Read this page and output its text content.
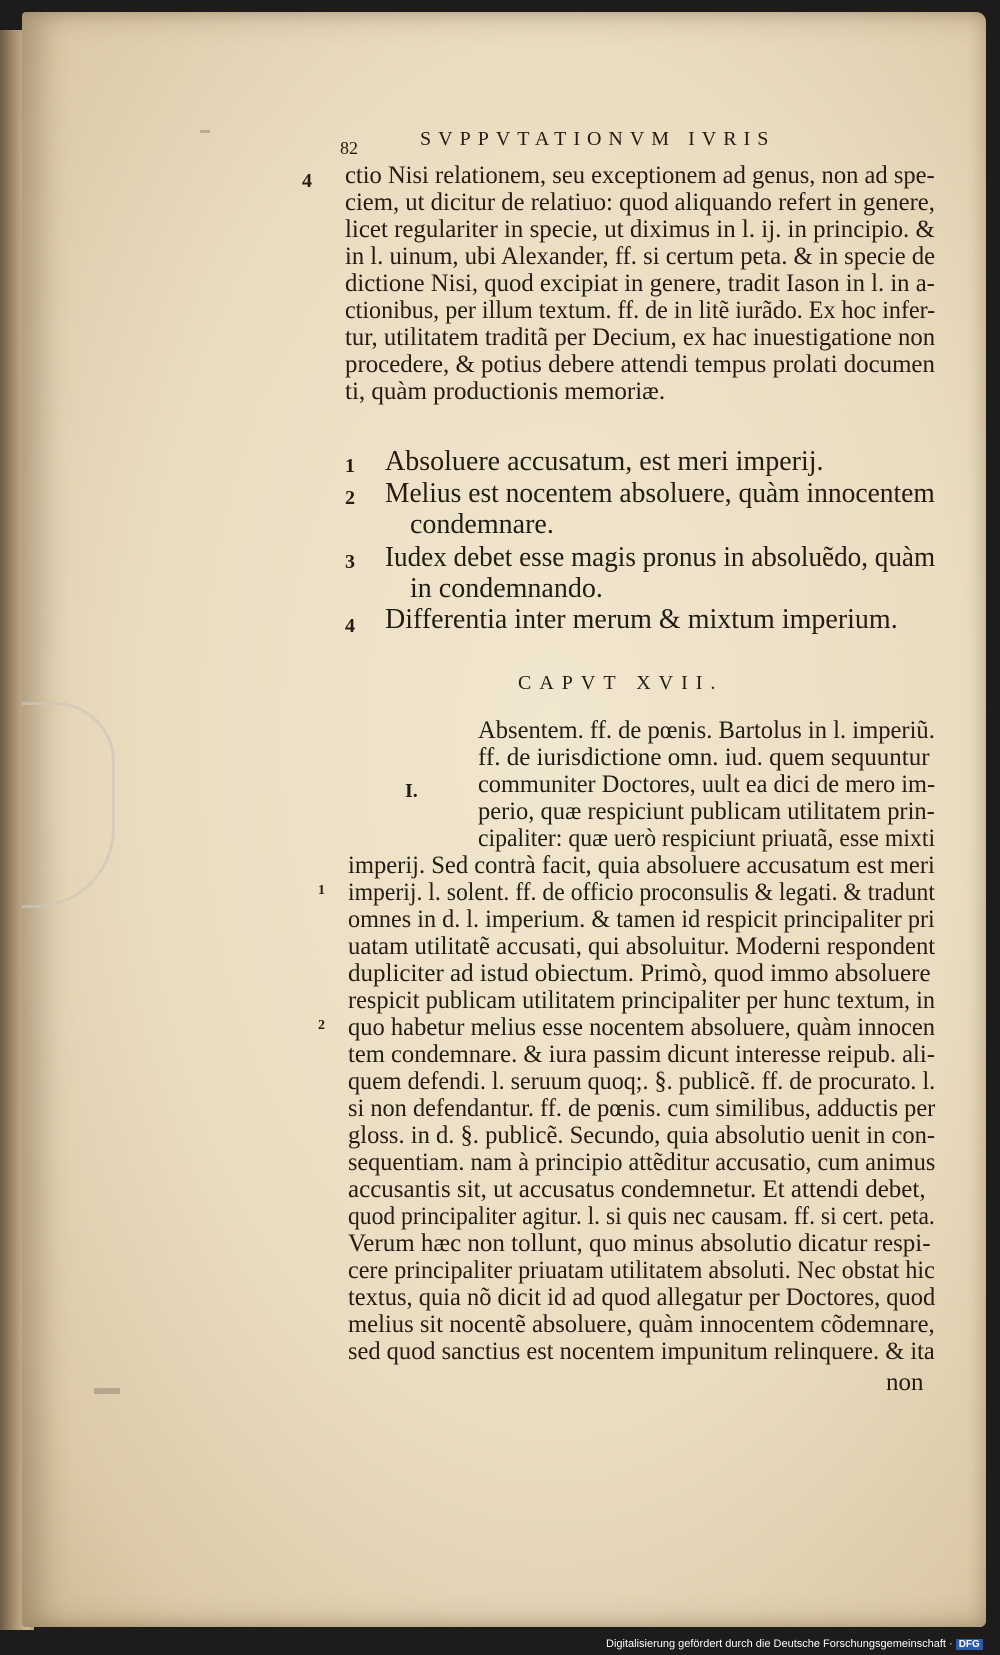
82	SVPPVTATIONVM IVRIS
4 ctio Nisi relationem, seu exceptionem ad genus, non ad spe-
ciem, ut dicitur de relatiuo: quod aliquando refert in genere,
licet regulariter in specie, ut diximus in l. ij. in principio. &
in l. uinum, ubi Alexander, ff. si certum peta. & in specie de
dictione Nisi, quod excipiat in genere, tradit Iason in l. in a-
ctionibus, per illum textum. ff. de in litẽ iurãdo. Ex hoc infer-
tur, utilitatem traditã per Decium, ex hac inuestigatione non
procedere, & potius debere attendi tempus prolati documen
ti, quàm productionis memoriæ.
1 Absoluere accusatum, est meri imperij.
2 Melius est nocentem absoluere, quàm innocentem
condemnare.
3 Iudex debet esse magis pronus in absoluẽdo, quàm
in condemnando.
4 Differentia inter merum & mixtum imperium.
CAPVT XVII.
I.
1
2
Absentem. ff. de pœnis. Bartolus in l. imperiũ.
ff. de iurisdictione omn. iud. quem sequuntur
communiter Doctores, uult ea dici de mero im-
perio, quæ respiciunt publicam utilitatem prin-
cipaliter: quæ uerò respiciunt priuatã, esse mixti
imperij. Sed contrà facit, quia absoluere accusatum est meri
imperij. l. solent. ff. de officio proconsulis & legati. & tradunt
omnes in d. l. imperium. & tamen id respicit principaliter pri
uatam utilitatẽ accusati, qui absoluitur. Moderni respondent
dupliciter ad istud obiectum. Primò, quod immo absoluere
respicit publicam utilitatem principaliter per hunc textum, in
quo habetur melius esse nocentem absoluere, quàm innocen
tem condemnare. & iura passim dicunt interesse reipub. ali-
quem defendi. l. seruum quoq;. §. publicẽ. ff. de procurato. l.
si non defendantur. ff. de pœnis. cum similibus, adductis per
gloss. in d. §. publicẽ. Secundo, quia absolutio uenit in con-
sequentiam. nam à principio attẽditur accusatio, cum animus
accusantis sit, ut accusatus condemnetur. Et attendi debet,
quod principaliter agitur. l. si quis nec causam. ff. si cert. peta.
Verum hæc non tollunt, quo minus absolutio dicatur respi-
cere principaliter priuatam utilitatem absoluti. Nec obstat hic
textus, quia nõ dicit id ad quod allegatur per Doctores, quod
melius sit nocentẽ absoluere, quàm innocentem cõdemnare,
sed quod sanctius est nocentem impunitum relinquere. & ita
non
Digitalisierung gefördert durch die Deutsche Forschungsgemeinschaft · DFG
